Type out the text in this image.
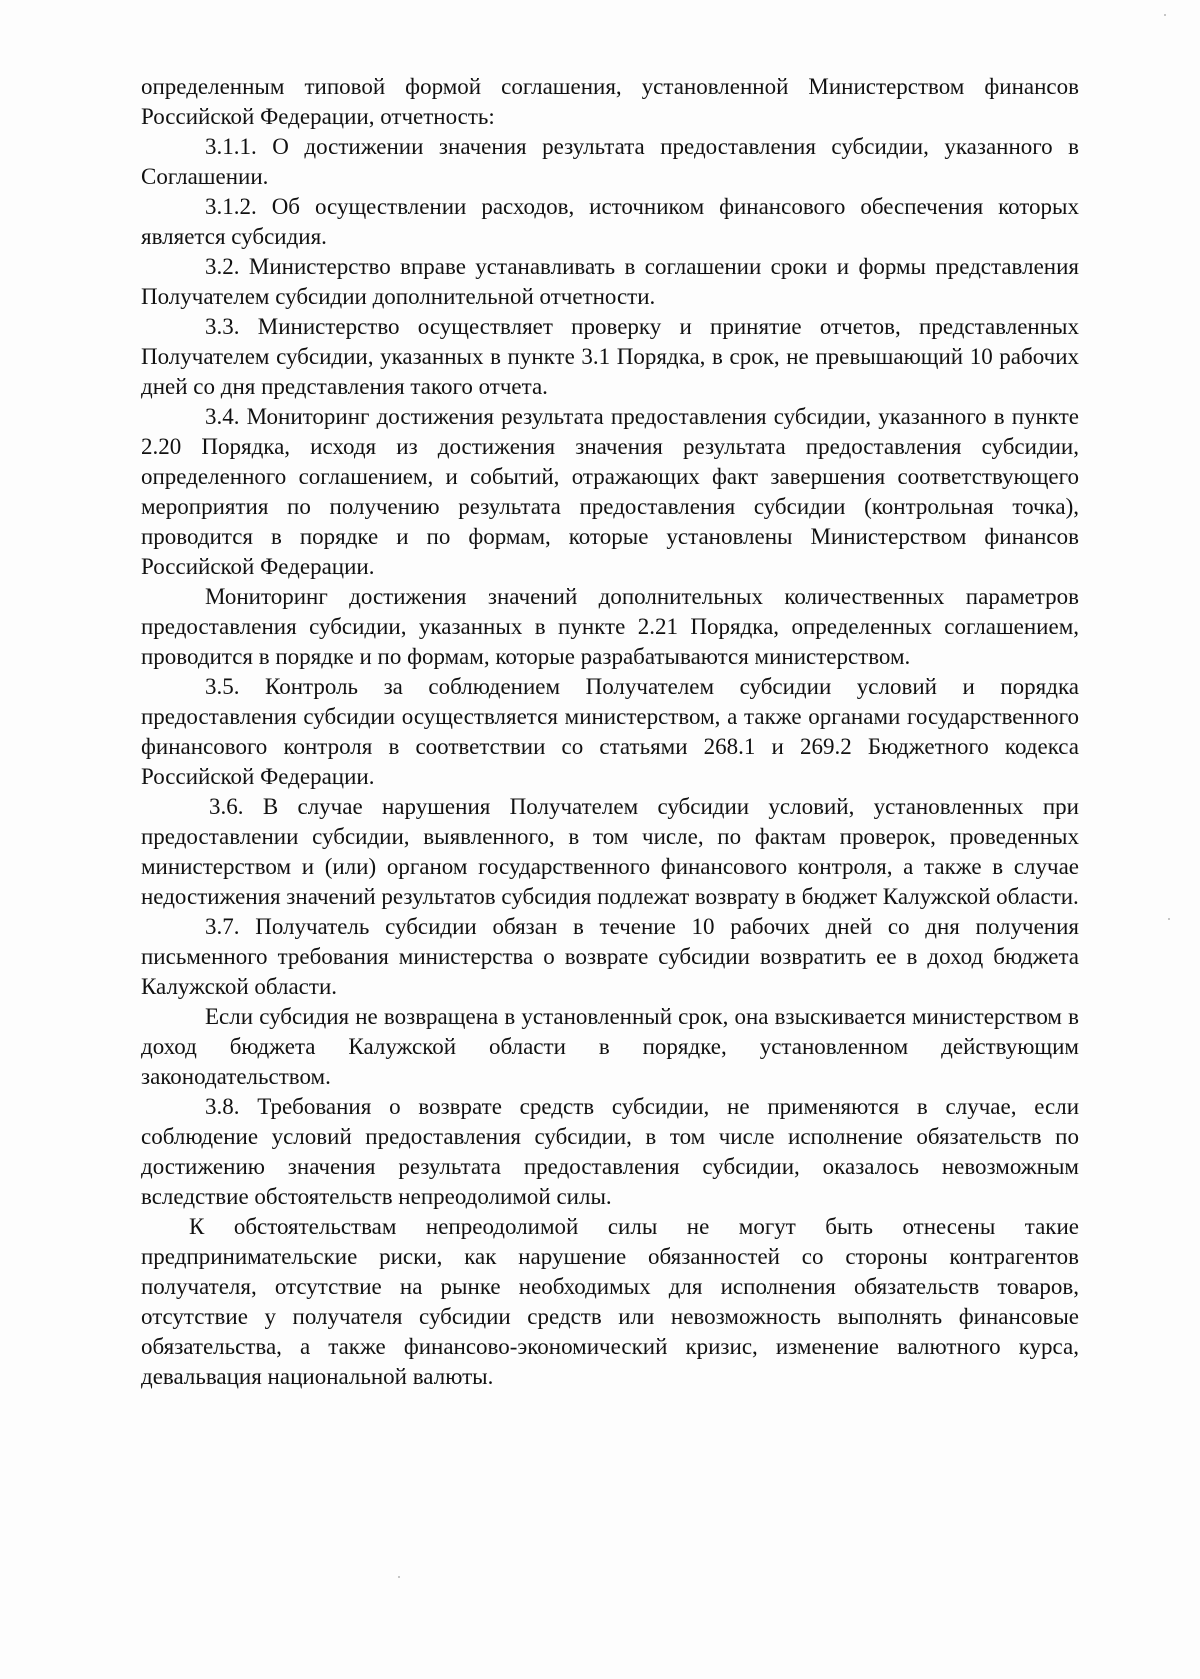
определенным типовой формой соглашения, установленной Министерством финансов Российской Федерации, отчетность:

3.1.1. О достижении значения результата предоставления субсидии, указанного в Соглашении.

3.1.2. Об осуществлении расходов, источником финансового обеспечения которых является субсидия.

3.2. Министерство вправе устанавливать в соглашении сроки и формы представления Получателем субсидии дополнительной отчетности.

3.3. Министерство осуществляет проверку и принятие отчетов, представленных Получателем субсидии, указанных в пункте 3.1 Порядка, в срок, не превышающий 10 рабочих дней со дня представления такого отчета.

3.4. Мониторинг достижения результата предоставления субсидии, указанного в пункте 2.20 Порядка, исходя из достижения значения результата предоставления субсидии, определенного соглашением, и событий, отражающих факт завершения соответствующего мероприятия по получению результата предоставления субсидии (контрольная точка), проводится в порядке и по формам, которые установлены Министерством финансов Российской Федерации.

Мониторинг достижения значений дополнительных количественных параметров предоставления субсидии, указанных в пункте 2.21 Порядка, определенных соглашением, проводится в порядке и по формам, которые разрабатываются министерством.

3.5. Контроль за соблюдением Получателем субсидии условий и порядка предоставления субсидии осуществляется министерством, а также органами государственного финансового контроля в соответствии со статьями 268.1 и 269.2 Бюджетного кодекса Российской Федерации.

3.6. В случае нарушения Получателем субсидии условий, установленных при предоставлении субсидии, выявленного, в том числе, по фактам проверок, проведенных министерством и (или) органом государственного финансового контроля, а также в случае недостижения значений результатов субсидия подлежат возврату в бюджет Калужской области.

3.7. Получатель субсидии обязан в течение 10 рабочих дней со дня получения письменного требования министерства о возврате субсидии возвратить ее в доход бюджета Калужской области.

Если субсидия не возвращена в установленный срок, она взыскивается министерством в доход бюджета Калужской области в порядке, установленном действующим законодательством.

3.8. Требования о возврате средств субсидии, не применяются в случае, если соблюдение условий предоставления субсидии, в том числе исполнение обязательств по достижению значения результата предоставления субсидии, оказалось невозможным вследствие обстоятельств непреодолимой силы.

К обстоятельствам непреодолимой силы не могут быть отнесены такие предпринимательские риски, как нарушение обязанностей со стороны контрагентов получателя, отсутствие на рынке необходимых для исполнения обязательств товаров, отсутствие у получателя субсидии средств или невозможность выполнять финансовые обязательства, а также финансово-экономический кризис, изменение валютного курса, девальвация национальной валюты.
